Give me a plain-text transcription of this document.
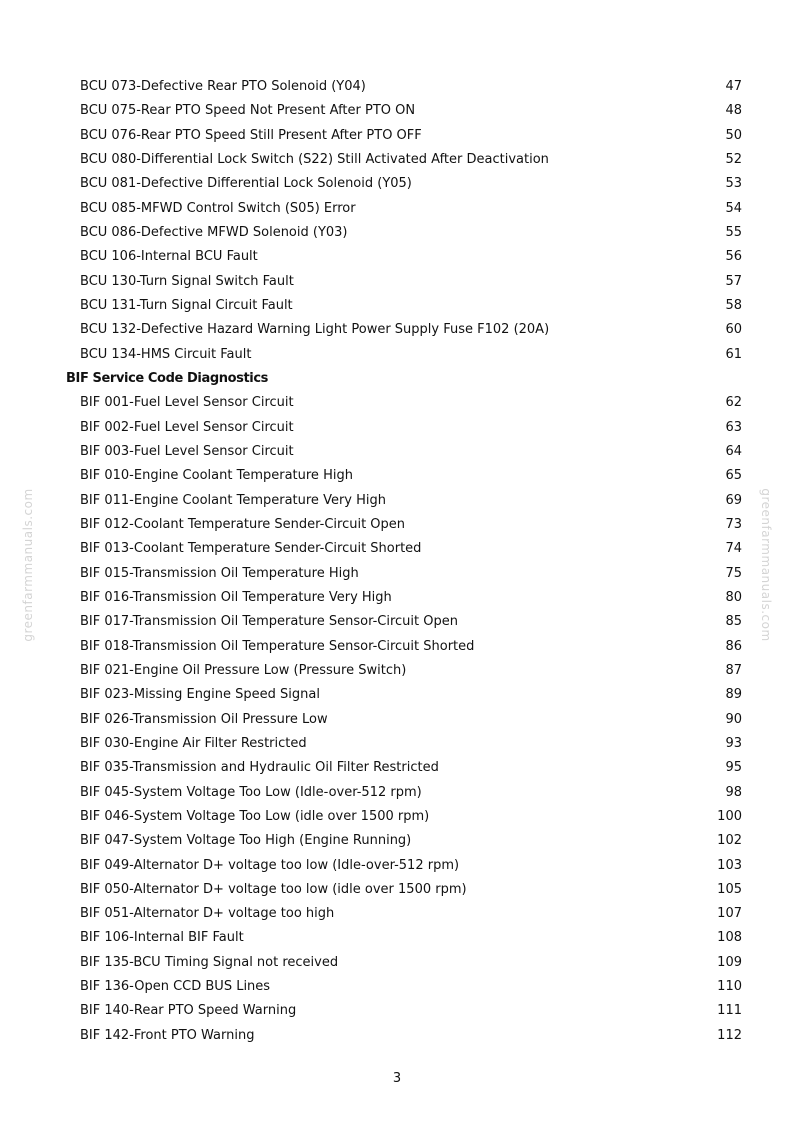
greenfarmmanuals.com	greenfarmmanuals.com
BCU 073-Defective Rear PTO Solenoid (Y04)	47
BCU 075-Rear PTO Speed Not Present After PTO ON	48
BCU 076-Rear PTO Speed Still Present After PTO OFF	50
BCU 080-Differential Lock Switch (S22) Still Activated After Deactivation	52
BCU 081-Defective Differential Lock Solenoid (Y05)	53
BCU 085-MFWD Control Switch (S05) Error	54
BCU 086-Defective MFWD Solenoid (Y03)	55
BCU 106-Internal BCU Fault	56
BCU 130-Turn Signal Switch Fault	57
BCU 131-Turn Signal Circuit Fault	58
BCU 132-Defective Hazard Warning Light Power Supply Fuse F102 (20A)	60
BCU 134-HMS Circuit Fault	61
BIF Service Code Diagnostics
BIF 001-Fuel Level Sensor Circuit	62
BIF 002-Fuel Level Sensor Circuit	63
BIF 003-Fuel Level Sensor Circuit	64
BIF 010-Engine Coolant Temperature High	65
BIF 011-Engine Coolant Temperature Very High	69
BIF 012-Coolant Temperature Sender-Circuit Open	73
BIF 013-Coolant Temperature Sender-Circuit Shorted	74
BIF 015-Transmission Oil Temperature High	75
BIF 016-Transmission Oil Temperature Very High	80
BIF 017-Transmission Oil Temperature Sensor-Circuit Open	85
BIF 018-Transmission Oil Temperature Sensor-Circuit Shorted	86
BIF 021-Engine Oil Pressure Low (Pressure Switch)	87
BIF 023-Missing Engine Speed Signal	89
BIF 026-Transmission Oil Pressure Low	90
BIF 030-Engine Air Filter Restricted	93
BIF 035-Transmission and Hydraulic Oil Filter Restricted	95
BIF 045-System Voltage Too Low (Idle-over-512 rpm)	98
BIF 046-System Voltage Too Low (idle over 1500 rpm)	100
BIF 047-System Voltage Too High (Engine Running)	102
BIF 049-Alternator D+ voltage too low (Idle-over-512 rpm)	103
BIF 050-Alternator D+ voltage too low (idle over 1500 rpm)	105
BIF 051-Alternator D+ voltage too high	107
BIF 106-Internal BIF Fault	108
BIF 135-BCU Timing Signal not received	109
BIF 136-Open CCD BUS Lines	110
BIF 140-Rear PTO Speed Warning	111
BIF 142-Front PTO Warning	112
3
